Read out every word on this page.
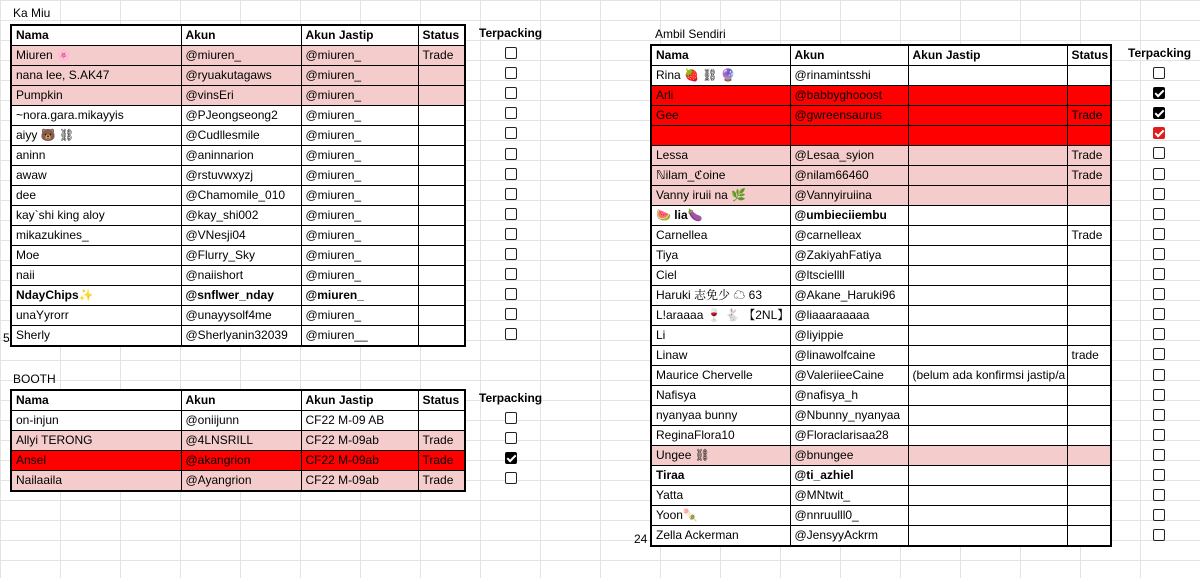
Ka Miu
Nama	Akun	Akun Jastip	Status
Miuren 🌸	@miuren_	@miuren_	Trade
nana lee, S.AK47	@ryuakutagaws	@miuren_	
Pumpkin	@vinsEri	@miuren_	
~nora.gara.mikayyis	@PJeongseong2	@miuren_	
aiyy 🐻 ⛓	@Cudllesmile	@miuren_	
aninn	@aninnarion	@miuren_	
awaw	@rstuvwxyzj	@miuren_	
dee	@Chamomile_010	@miuren_	
kay`shi king aloy	@kay_shi002	@miuren_	
mikazukines_	@VNesji04	@miuren_	
Moe	@Flurry_Sky	@miuren_	
naii	@naiishort	@miuren_	
NdayChips✨	@snflwer_nday	@miuren_	
unaYyrorr	@unayysolf4me	@miuren_	
Sherly	@Sherlyanin32039	@miuren__	
Terpacking
5
BOOTH
Nama	Akun	Akun Jastip	Status
on-injun	@oniijunn	CF22 M-09 AB	
Allyi TERONG	@4LNSRILL	CF22 M-09ab	Trade
Ansel	@akangrion	CF22 M-09ab	Trade
Nailaaila	@Ayangrion	CF22 M-09ab	Trade
Terpacking
Ambil Sendiri
Nama	Akun	Akun Jastip	Status
Rina 🍓 ⛓ 🔮	@rinamintsshi		
Arli	@babbyghooost		
Gee	@gwreensaurus		Trade

Lessa	@Lesaa_syion		Trade
ℕilam_ℭoine	@nilam66460		Trade
Vanny iruii na 🌿	@Vannyiruiina		
🍉 lia🍆	@umbieciiembu		
Carnellea	@carnelleax		Trade
Tiya	@ZakiyahFatiya		
Ciel	@ltsciellll		
Haruki 志免少 ☁ 63	@Akane_Haruki96		
L!araaaa 🍷 🐇 【2NL】	@liaaaraaaaa		
Li	@liyippie		
Linaw	@linawolfcaine		trade
Maurice Chervelle	@ValeriieeCaine	(belum ada konfirmsi jastip/a	
Nafisya	@nafisya_h		
nyanyaa bunny	@Nbunny_nyanyaa		
ReginaFlora10	@Floraclarisaa28		
Ungee ⛓	@bnungee		
Tiraa	@ti_azhiel		
Yatta	@MNtwit_		
Yoon🍡	@nnruulll0_		
Zella Ackerman	@JensyyAckrm		
Terpacking
24
